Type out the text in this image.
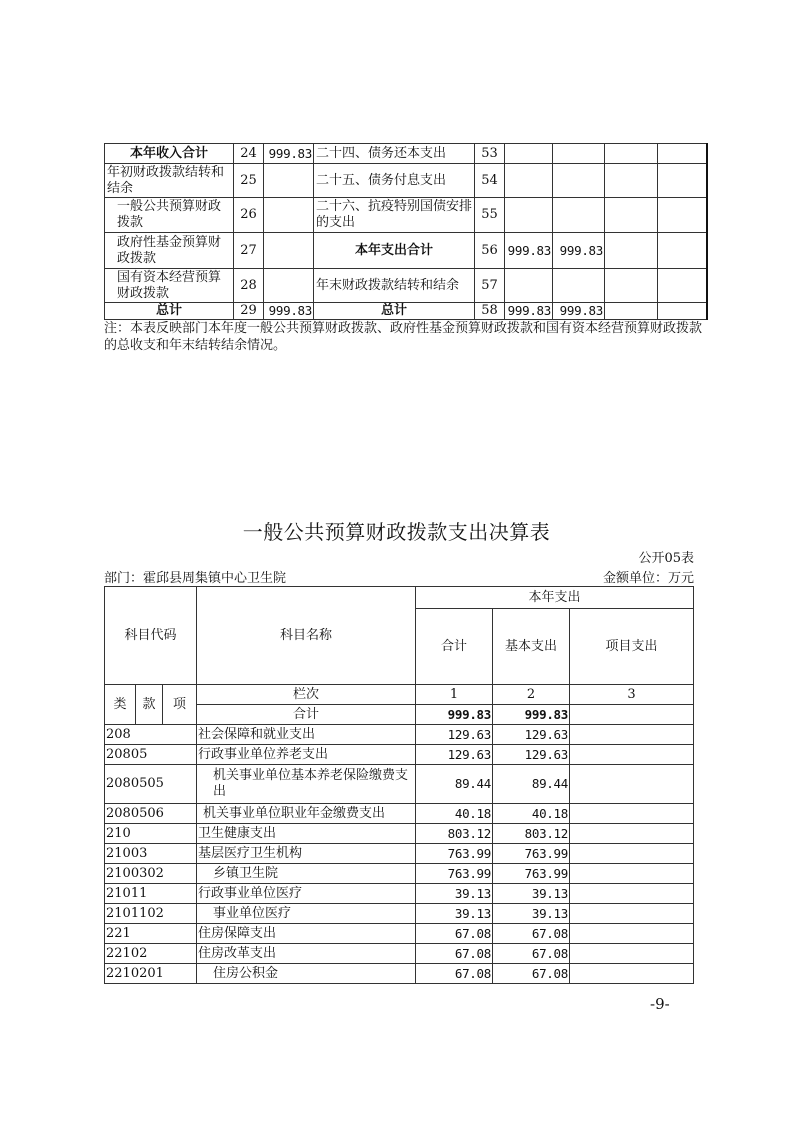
本年收入合计	24	999.83	二十四、债务还本支出	53				
年初财政拨款结转和结余	25		二十五、债务付息支出	54				
一般公共预算财政拨款	26		二十六、抗疫特别国债安排的支出	55				
政府性基金预算财政拨款	27		本年支出合计	56	999.83	999.83		
国有资本经营预算财政拨款	28		年末财政拨款结转和结余	57				
总计	29	999.83	总计	58	999.83	999.83		
注：本表反映部门本年度一般公共预算财政拨款、政府性基金预算财政拨款和国有资本经营预算财政拨款的总收支和年末结转结余情况。
一般公共预算财政拨款支出决算表
公开05表
部门：霍邱县周集镇中心卫生院	金额单位：万元
科目代码			科目名称	本年支出		
				合计	基本支出	项目支出
类	款	项	栏次	1	2	3
			合计	999.83	999.83	
208			社会保障和就业支出	129.63	129.63	
20805			行政事业单位养老支出	129.63	129.63	
2080505			机关事业单位基本养老保险缴费支出	89.44	89.44	
2080506			机关事业单位职业年金缴费支出	40.18	40.18	
210			卫生健康支出	803.12	803.12	
21003			基层医疗卫生机构	763.99	763.99	
2100302			乡镇卫生院	763.99	763.99	
21011			行政事业单位医疗	39.13	39.13	
2101102			事业单位医疗	39.13	39.13	
221			住房保障支出	67.08	67.08	
22102			住房改革支出	67.08	67.08	
2210201			住房公积金	67.08	67.08	
-9-
